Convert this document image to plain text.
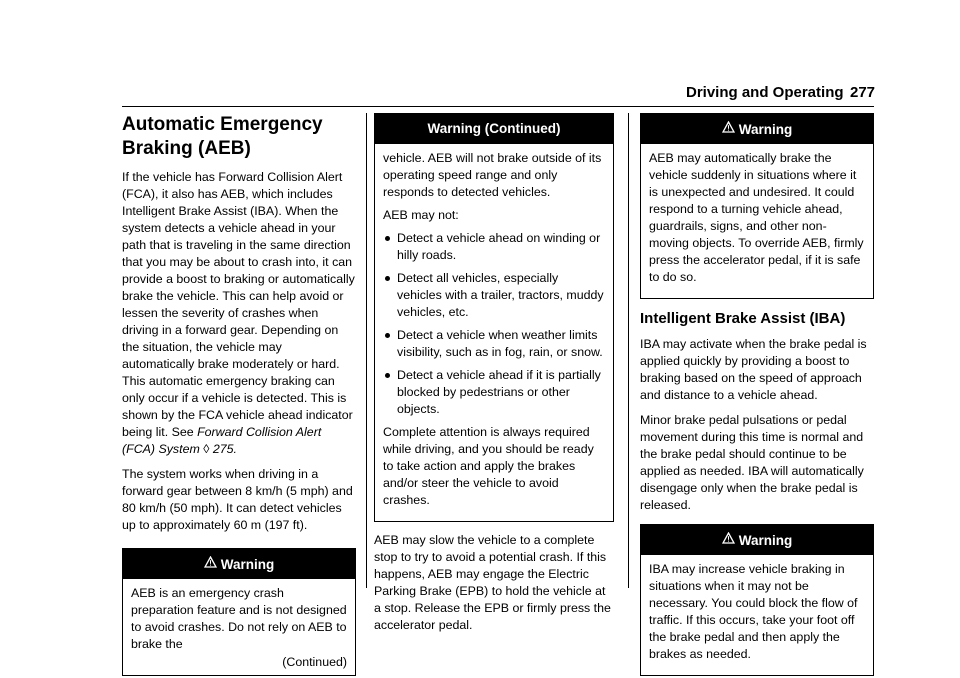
Driving and Operating 277
Automatic Emergency
Braking (AEB)

If the vehicle has Forward Collision Alert (FCA), it also has AEB, which includes Intelligent Brake Assist (IBA). When the system detects a vehicle ahead in your path that is traveling in the same direction that you may be about to crash into, it can provide a boost to braking or automatically brake the vehicle. This can help avoid or lessen the severity of crashes when driving in a forward gear. Depending on the situation, the vehicle may automatically brake moderately or hard. This automatic emergency braking can only occur if a vehicle is detected. This is shown by the FCA vehicle ahead indicator being lit. See Forward Collision Alert (FCA) System ◊ 275.

The system works when driving in a forward gear between 8 km/h (5 mph) and 80 km/h (50 mph). It can detect vehicles up to approximately 60 m (197 ft).

Warning

AEB is an emergency crash preparation feature and is not designed to avoid crashes. Do not rely on AEB to brake the

(Continued)
Warning (Continued)

vehicle. AEB will not brake outside of its operating speed range and only responds to detected vehicles.

AEB may not:

Detect a vehicle ahead on winding or hilly roads.
Detect all vehicles, especially vehicles with a trailer, tractors, muddy vehicles, etc.
Detect a vehicle when weather limits visibility, such as in fog, rain, or snow.
Detect a vehicle ahead if it is partially blocked by pedestrians or other objects.

Complete attention is always required while driving, and you should be ready to take action and apply the brakes and/or steer the vehicle to avoid crashes.

AEB may slow the vehicle to a complete stop to try to avoid a potential crash. If this happens, AEB may engage the Electric Parking Brake (EPB) to hold the vehicle at a stop. Release the EPB or firmly press the accelerator pedal.

Warning

AEB may automatically brake the vehicle suddenly in situations where it is unexpected and undesired. It could respond to a turning vehicle ahead, guardrails, signs, and other non-moving objects. To override AEB, firmly press the accelerator pedal, if it is safe to do so.

Intelligent Brake Assist (IBA)

IBA may activate when the brake pedal is applied quickly by providing a boost to braking based on the speed of approach and distance to a vehicle ahead.

Minor brake pedal pulsations or pedal movement during this time is normal and the brake pedal should continue to be applied as needed. IBA will automatically disengage only when the brake pedal is released.

Warning

IBA may increase vehicle braking in situations when it may not be necessary. You could block the flow of traffic. If this occurs, take your foot off the brake pedal and then apply the brakes as needed.
